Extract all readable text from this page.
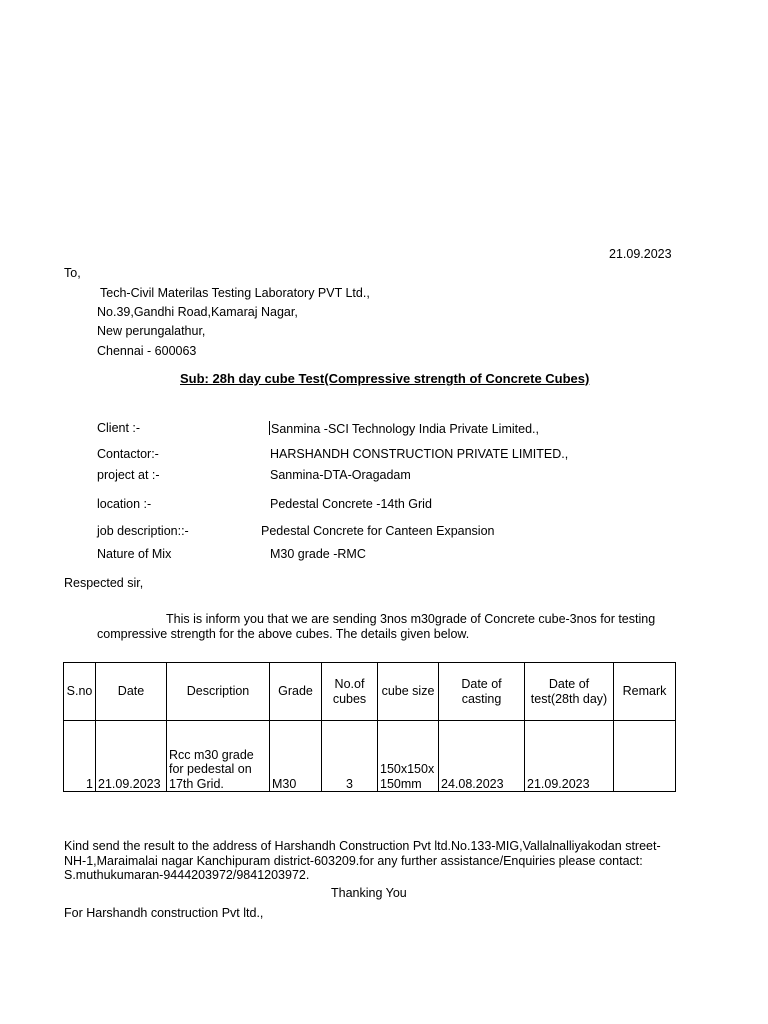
21.09.2023
To,
Tech-Civil Materilas Testing Laboratory PVT Ltd.,
No.39,Gandhi Road,Kamaraj Nagar,
New perungalathur,
Chennai - 600063
Sub: 28h day cube Test(Compressive strength of Concrete Cubes)
Client :-	Sanmina -SCI Technology India Private Limited.,
Contactor:-	HARSHANDH CONSTRUCTION PRIVATE LIMITED.,
project at :-	Sanmina-DTA-Oragadam
location :-	Pedestal Concrete -14th Grid
job description::-	Pedestal Concrete for Canteen Expansion
Nature of Mix	M30 grade -RMC
Respected sir,
This is inform you that we are sending 3nos m30grade of Concrete cube-3nos for testing
compressive strength for the above cubes. The details given below.
S.no	Date	Description	Grade	No.of cubes	cube size	Date of casting	Date of test(28th day)	Remark
1	21.09.2023	Rcc m30 grade for pedestal on 17th Grid.	M30	3	150x150x 150mm	24.08.2023	21.09.2023	
Kind send the result to the address of Harshandh Construction Pvt ltd.No.133-MIG,Vallalnalliyakodan street-NH-1,Maraimalai nagar Kanchipuram district-603209.for any further assistance/Enquiries please contact: S.muthukumaran-9444203972/9841203972.
Thanking You
For Harshandh construction Pvt ltd.,
